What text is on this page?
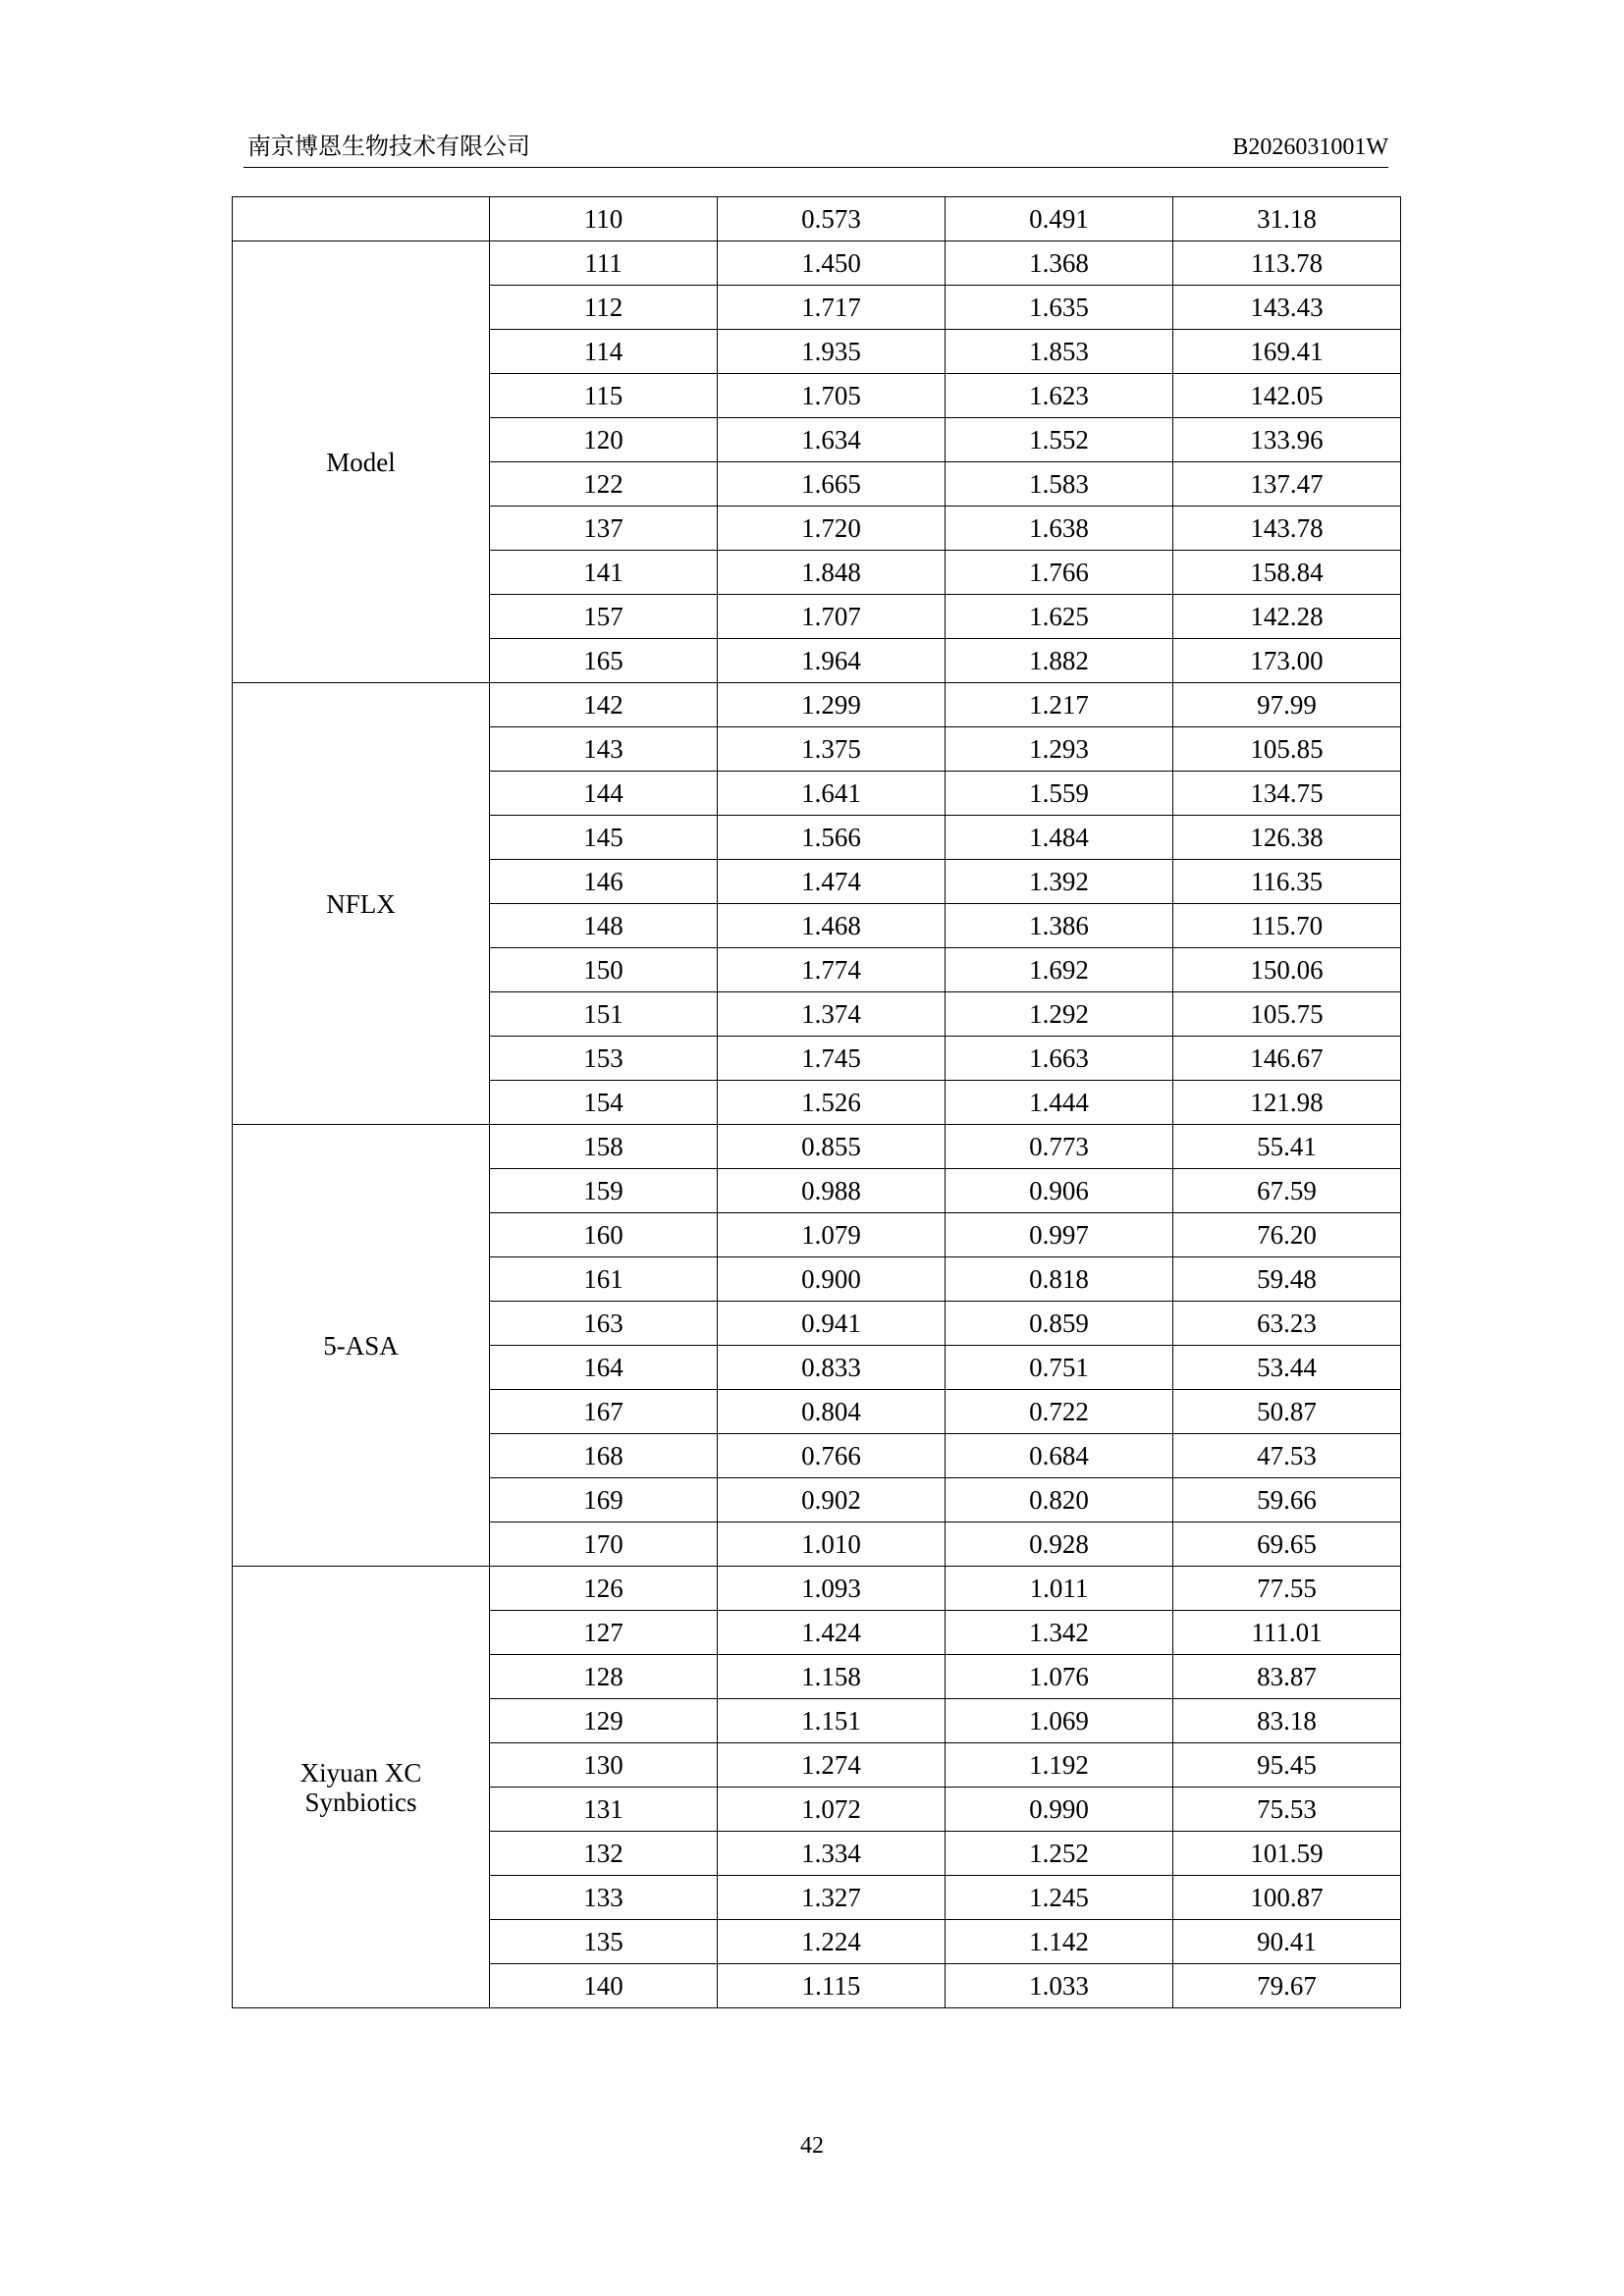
南京博恩生物技术有限公司	B2026031001W
	110	0.573	0.491	31.18
Model	111	1.450	1.368	113.78
	112	1.717	1.635	143.43
	114	1.935	1.853	169.41
	115	1.705	1.623	142.05
	120	1.634	1.552	133.96
	122	1.665	1.583	137.47
	137	1.720	1.638	143.78
	141	1.848	1.766	158.84
	157	1.707	1.625	142.28
	165	1.964	1.882	173.00
NFLX	142	1.299	1.217	97.99
	143	1.375	1.293	105.85
	144	1.641	1.559	134.75
	145	1.566	1.484	126.38
	146	1.474	1.392	116.35
	148	1.468	1.386	115.70
	150	1.774	1.692	150.06
	151	1.374	1.292	105.75
	153	1.745	1.663	146.67
	154	1.526	1.444	121.98
5-ASA	158	0.855	0.773	55.41
	159	0.988	0.906	67.59
	160	1.079	0.997	76.20
	161	0.900	0.818	59.48
	163	0.941	0.859	63.23
	164	0.833	0.751	53.44
	167	0.804	0.722	50.87
	168	0.766	0.684	47.53
	169	0.902	0.820	59.66
	170	1.010	0.928	69.65
Xiyuan XC
Synbiotics	126	1.093	1.011	77.55
	127	1.424	1.342	111.01
	128	1.158	1.076	83.87
	129	1.151	1.069	83.18
	130	1.274	1.192	95.45
	131	1.072	0.990	75.53
	132	1.334	1.252	101.59
	133	1.327	1.245	100.87
	135	1.224	1.142	90.41
	140	1.115	1.033	79.67
42
